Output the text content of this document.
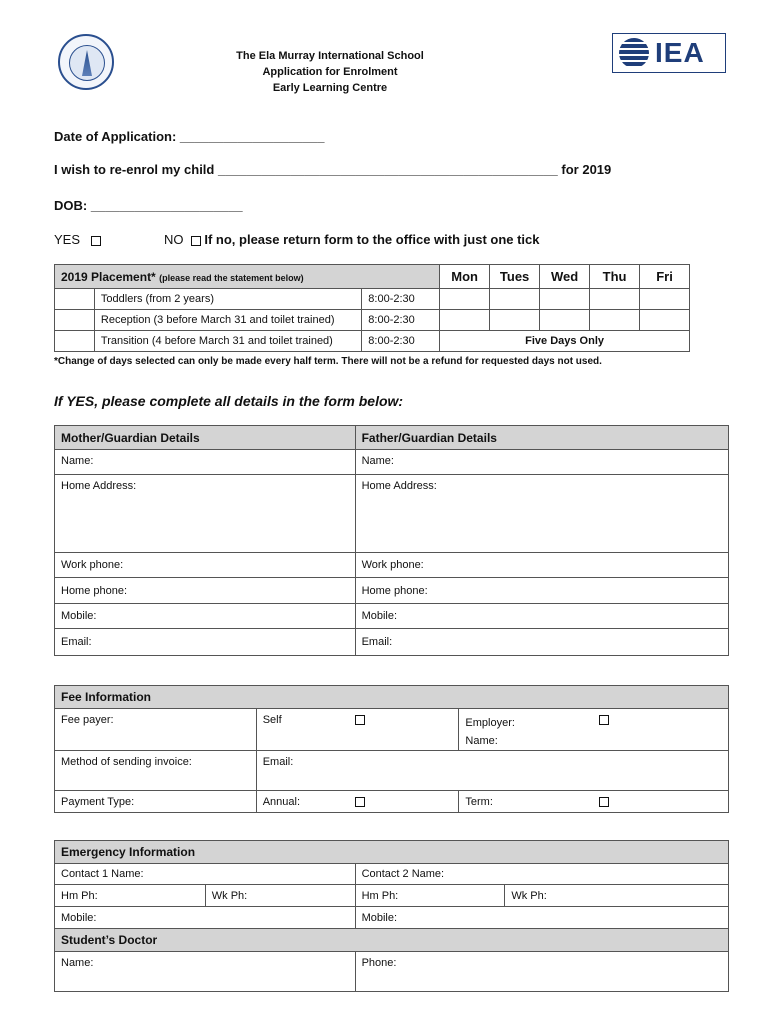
The Ela Murray International School
Application for Enrolment
Early Learning Centre
IEA
Date of Application: ____________________
I wish to re-enrol my child _______________________________________________ for 2019
DOB: _____________________
YES	NO If no, please return form to the office with just one tick
2019 Placement* (please read the statement below)			Mon	Tues	Wed	Thu	Fri
	Toddlers (from 2 years)	8:00-2:30					
	Reception (3 before March 31 and toilet trained)	8:00-2:30					
	Transition (4 before March 31 and toilet trained)	8:00-2:30	Five Days Only				
*Change of days selected can only be made every half term. There will not be a refund for requested days not used.
If YES, please complete all details in the form below:
Mother/Guardian Details	Father/Guardian Details
Name:	Name:
Home Address:	Home Address:
Work phone:	Work phone:
Home phone:	Home phone:
Mobile:	Mobile:
Email:	Email:
Fee Information		
Fee payer:	Self	Employer:
Name:

Method of sending invoice:	Email:	
Payment Type:	Annual:	Term:
Emergency Information			
Contact 1 Name:		Contact 2 Name:	
Hm Ph:	Wk Ph:	Hm Ph:	Wk Ph:
Mobile:		Mobile:	
Student’s Doctor			
Name:		Phone:	
